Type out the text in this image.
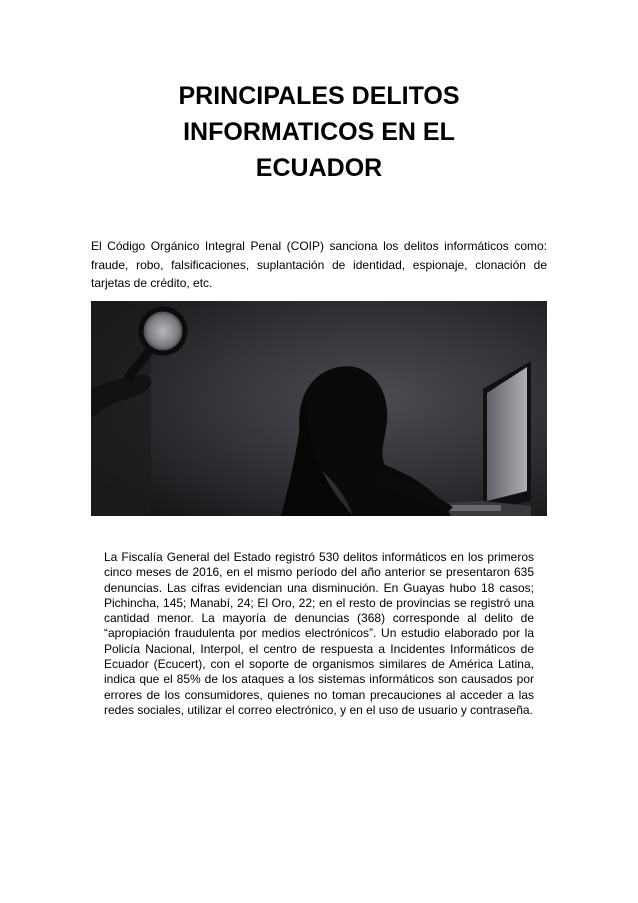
PRINCIPALES DELITOS
INFORMATICOS EN EL
ECUADOR

El Código Orgánico Integral Penal (COIP) sanciona los delitos informáticos como: fraude, robo, falsificaciones, suplantación de identidad, espionaje, clonación de tarjetas de crédito, etc.

La Fiscalía General del Estado registró 530 delitos informáticos en los primeros cinco meses de 2016, en el mismo período del año anterior se presentaron 635 denuncias. Las cifras evidencian una disminución. En Guayas hubo 18 casos; Pichincha, 145; Manabí, 24; El Oro, 22; en el resto de provincias se registró una cantidad menor. La mayoría de denuncias (368) corresponde al delito de “apropiación fraudulenta por medios electrónicos”. Un estudio elaborado por la Policía Nacional, Interpol, el centro de respuesta a Incidentes Informáticos de Ecuador (Ecucert), con el soporte de organismos similares de América Latina, indica que el 85% de los ataques a los sistemas informáticos son causados por errores de los consumidores, quienes no toman precauciones al acceder a las redes sociales, utilizar el correo electrónico, y en el uso de usuario y contraseña.
